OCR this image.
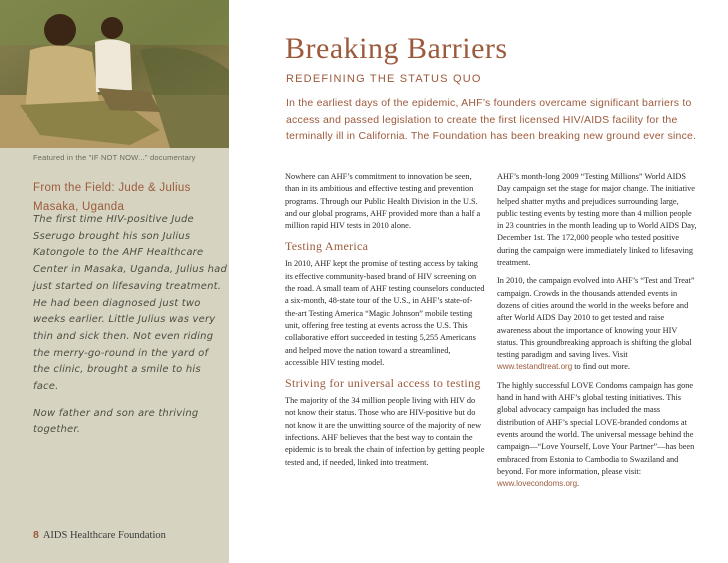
Featured in the "IF NOT NOW..." documentary
From the Field: Jude & Julius
Masaka, Uganda

The first time HIV-positive Jude Sserugo brought his son Julius Katongole to the AHF Healthcare Center in Masaka, Uganda, Julius had just started on lifesaving treatment. He had been diagnosed just two weeks earlier. Little Julius was very thin and sick then. Not even riding the merry-go-round in the yard of the clinic, brought a smile to his face.

Now father and son are thriving together.

8 AIDS Healthcare Foundation
Breaking Barriers
REDEFINING THE STATUS QUO
In the earliest days of the epidemic, AHF’s founders overcame significant barriers to access and passed legislation to create the first licensed HIV/AIDS facility for the terminally ill in California. The Foundation has been breaking new ground ever since.

Nowhere can AHF’s commitment to innovation be seen, than in its ambitious and effective testing and prevention programs. Through our Public Health Division in the U.S. and our global programs, AHF provided more than a half a million rapid HIV tests in 2010 alone.

Testing America

In 2010, AHF kept the promise of testing access by taking its effective community-based brand of HIV screening on the road. A small team of AHF testing counselors conducted a six-month, 48-state tour of the U.S., in AHF’s state-of-the-art Testing America “Magic Johnson” mobile testing unit, offering free testing at events across the U.S. This collaborative effort succeeded in testing 5,255 Americans and helped move the nation toward a streamlined, accessible HIV testing model.

Striving for universal access to testing

The majority of the 34 million people living with HIV do not know their status. Those who are HIV-positive but do not know it are the unwitting source of the majority of new infections. AHF believes that the best way to contain the epidemic is to break the chain of infection by getting people tested and, if needed, linked into treatment.

AHF’s month-long 2009 “Testing Millions” World AIDS Day campaign set the stage for major change. The initiative helped shatter myths and prejudices surrounding large, public testing events by testing more than 4 million people in 23 countries in the month leading up to World AIDS Day, December 1st. The 172,000 people who tested positive during the campaign were immediately linked to lifesaving treatment.

In 2010, the campaign evolved into AHF’s “Test and Treat” campaign. Crowds in the thousands attended events in dozens of cities around the world in the weeks before and after World AIDS Day 2010 to get tested and raise awareness about the importance of knowing your HIV status. This groundbreaking approach is shifting the global testing paradigm and saving lives. Visit www.testandtreat.org to find out more.

The highly successful LOVE Condoms campaign has gone hand in hand with AHF’s global testing initiatives. This global advocacy campaign has included the mass distribution of AHF’s special LOVE-branded condoms at events around the world. The universal message behind the campaign—“Love Yourself, Love Your Partner”—has been embraced from Estonia to Cambodia to Swaziland and beyond. For more information, please visit: www.lovecondoms.org.
